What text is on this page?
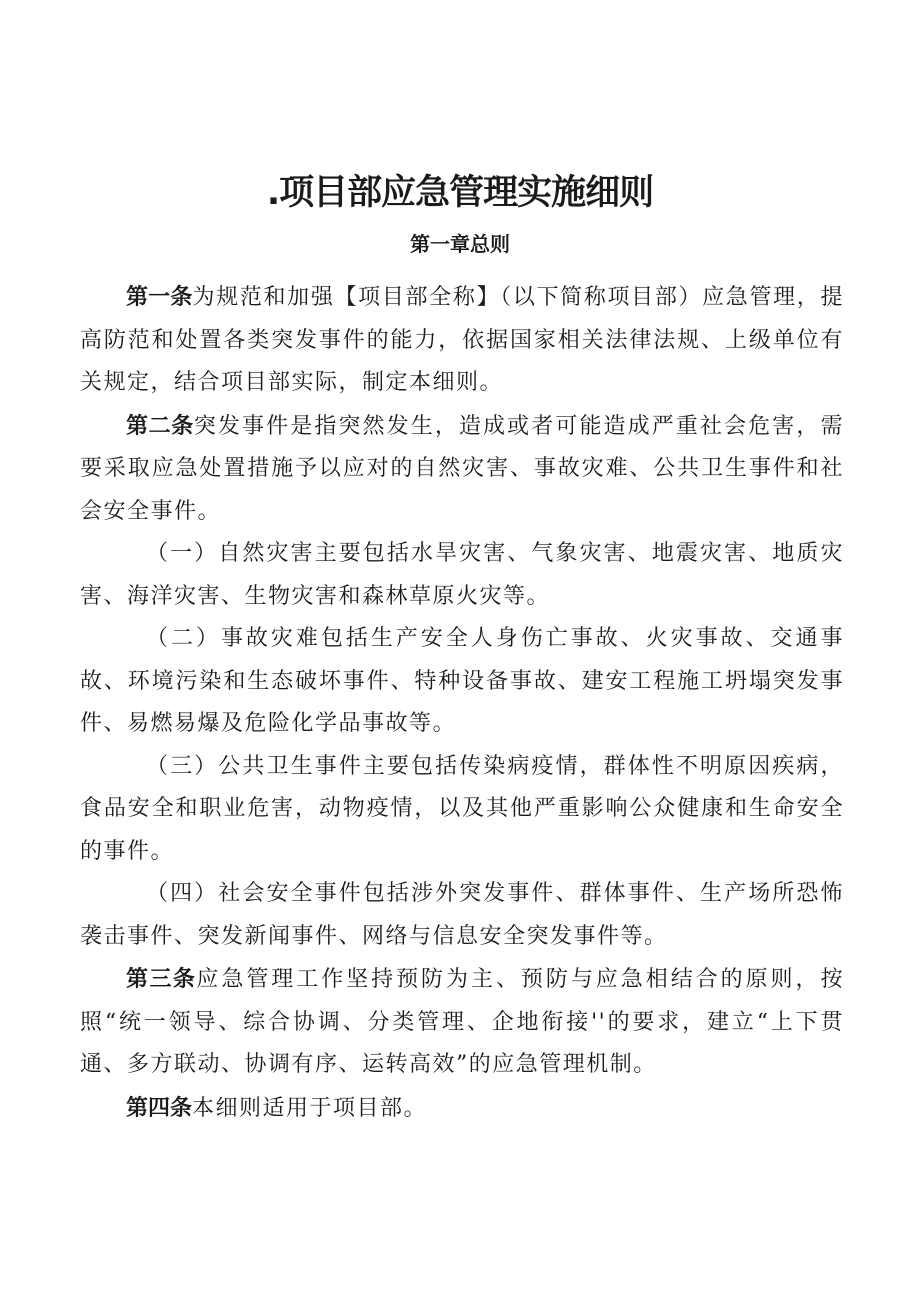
.项目部应急管理实施细则
第一章总则

第一条为规范和加强【项目部全称】（以下简称项目部）应急管理，提高防范和处置各类突发事件的能力，依据国家相关法律法规、上级单位有关规定，结合项目部实际，制定本细则。

第二条突发事件是指突然发生，造成或者可能造成严重社会危害，需要采取应急处置措施予以应对的自然灾害、事故灾难、公共卫生事件和社会安全事件。

（一）自然灾害主要包括水旱灾害、气象灾害、地震灾害、地质灾害、海洋灾害、生物灾害和森林草原火灾等。

（二）事故灾难包括生产安全人身伤亡事故、火灾事故、交通事故、环境污染和生态破坏事件、特种设备事故、建安工程施工坍塌突发事件、易燃易爆及危险化学品事故等。

（三）公共卫生事件主要包括传染病疫情，群体性不明原因疾病，食品安全和职业危害，动物疫情，以及其他严重影响公众健康和生命安全的事件。

（四）社会安全事件包括涉外突发事件、群体事件、生产场所恐怖袭击事件、突发新闻事件、网络与信息安全突发事件等。

第三条应急管理工作坚持预防为主、预防与应急相结合的原则，按照“统一领导、综合协调、分类管理、企地衔接''的要求，建立“上下贯通、多方联动、协调有序、运转高效”的应急管理机制。

第四条本细则适用于项目部。
